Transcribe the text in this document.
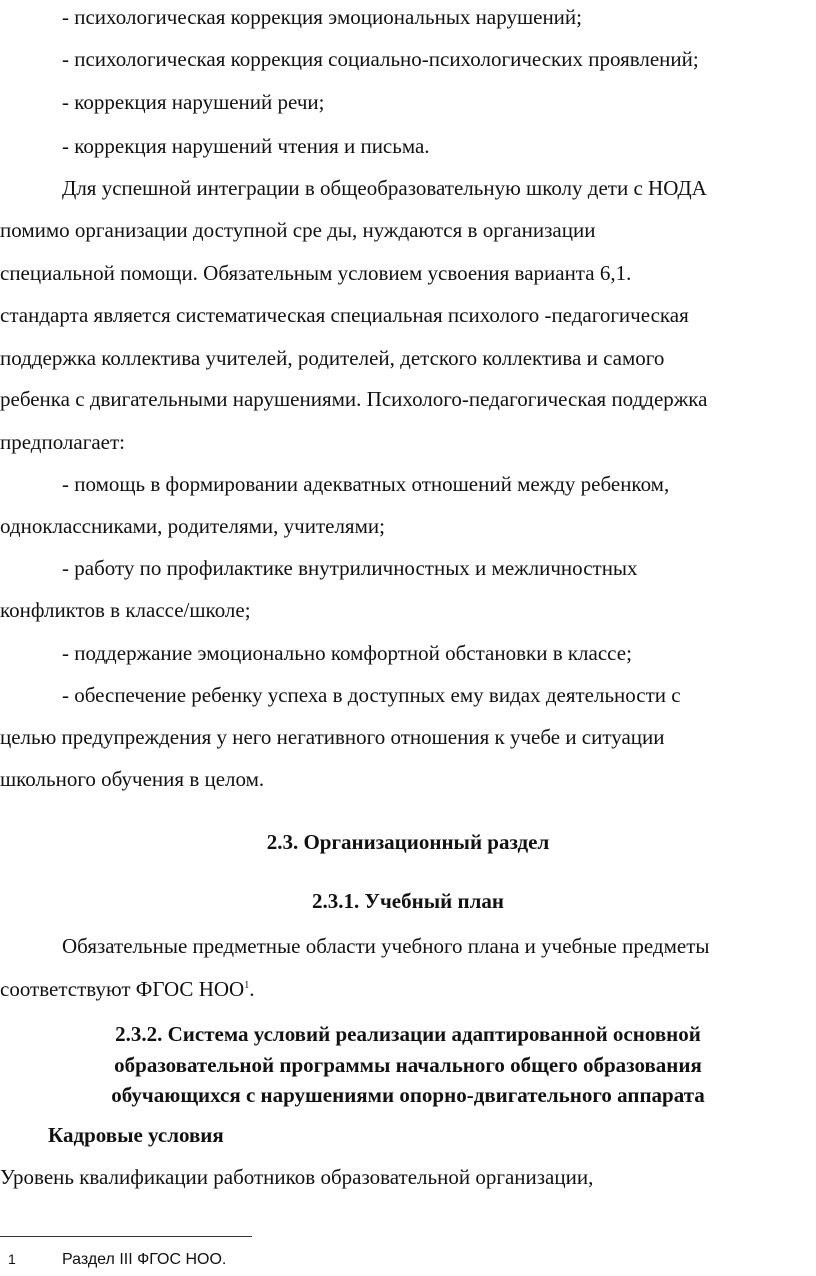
- психологическая коррекция эмоциональных нарушений;
- психологическая коррекция социально-психологических проявлений;
- коррекция нарушений речи;
- коррекция нарушений чтения и письма.
Для успешной интеграции в общеобразовательную школу дети с НОДА
помимо организации доступной сре ды, нуждаются в организации
специальной помощи. Обязательным условием усвоения варианта 6,1.
стандарта является систематическая специальная психолого -педагогическая
поддержка коллектива учителей, родителей, детского коллектива и самого
ребенка с двигательными нарушениями. Психолого-педагогическая поддержка
предполагает:
- помощь в формировании адекватных отношений между ребенком,
одноклассниками, родителями, учителями;
- работу по профилактике внутриличностных и межличностных
конфликтов в классе/школе;
- поддержание эмоционально комфортной обстановки в классе;
- обеспечение ребенку успеха в доступных ему видах деятельности с
целью предупреждения у него негативного отношения к учебе и ситуации
школьного обучения в целом.
2.3. Организационный раздел
2.3.1. Учебный план
Обязательные предметные области учебного плана и учебные предметы
соответствуют ФГОС НОО$^1$.
2.3.2. Система условий реализации адаптированной основной
образовательной программы начального общего образования
обучающихся с нарушениями опорно-двигательного аппарата
Кадровые условия
Уровень квалификации работников образовательной организации,
1	Раздел III ФГОС НОО.
